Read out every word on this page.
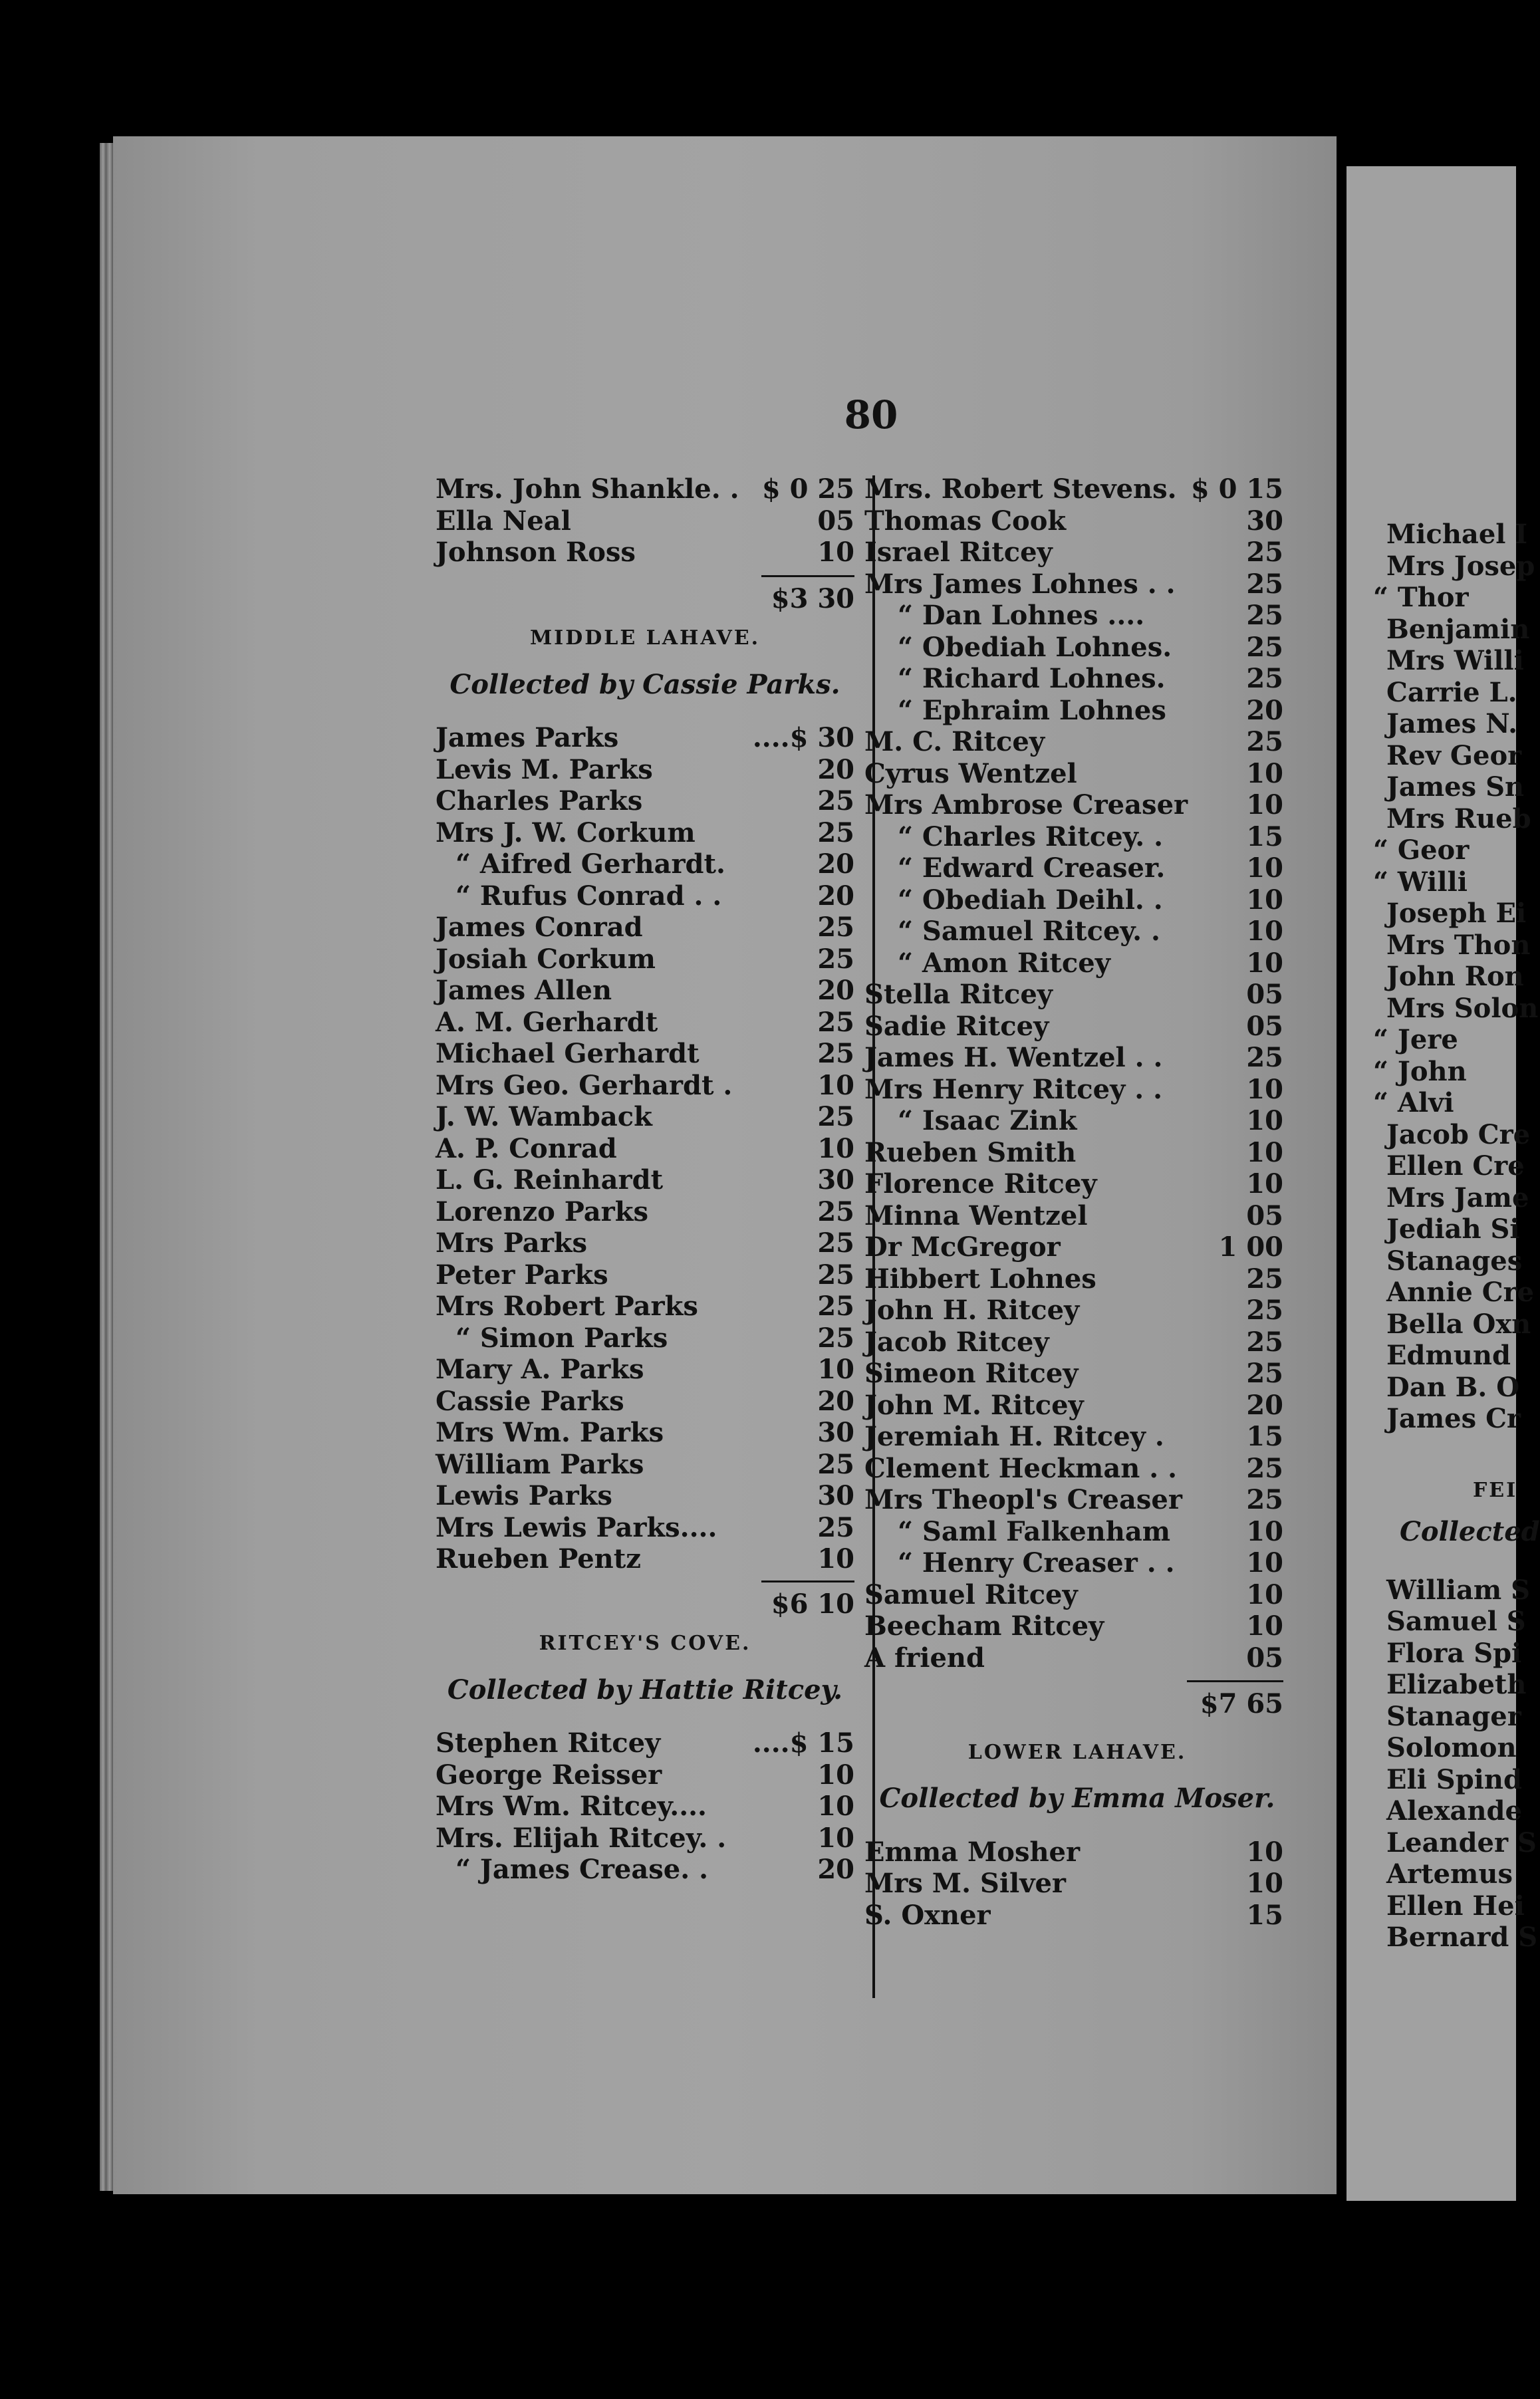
Michael I
Mrs Josep
“ Thor
Benjamin
Mrs Willi
Carrie L.
James N.
Rev Geor
James Sn
Mrs Rueb
“ Geor
“ Willi
Joseph Ei
Mrs Thon
John Ron
Mrs Solon
“ Jere
“ John
“ Alvi
Jacob Cre
Ellen Cre
Mrs Jame
Jediah Si
Stanages
Annie Cre
Bella Oxn
Edmund
Dan B. O
James Cr
FEI
Collected
William S
Samuel S
Flora Spi
Elizabeth
Stanager
Solomon
Eli Spind
Alexande
Leander S
Artemus
Ellen Hei
Bernard S
80
Mrs. John Shankle. . $ 0 25
Ella Neal	05
Johnson Ross	10
$3 30
MIDDLE LAHAVE.
Collected by Cassie Parks.
James Parks	....$ 30
Levis M. Parks	20
Charles Parks	25
Mrs J. W. Corkum	25
“ Aifred Gerhardt.	20
“ Rufus Conrad . .	20
James Conrad	25
Josiah Corkum	25
James Allen	20
A. M. Gerhardt	25
Michael Gerhardt	25
Mrs Geo. Gerhardt .	10
J. W. Wamback	25
A. P. Conrad	10
L. G. Reinhardt	30
Lorenzo Parks	25
Mrs Parks	25
Peter Parks	25
Mrs Robert Parks	25
“ Simon Parks	25
Mary A. Parks	10
Cassie Parks	20
Mrs Wm. Parks	30
William Parks	25
Lewis Parks	30
Mrs Lewis Parks....	25
Rueben Pentz	10
$6 10
RITCEY'S COVE.
Collected by Hattie Ritcey.
Stephen Ritcey	....$ 15
George Reisser	10
Mrs Wm. Ritcey....	10
Mrs. Elijah Ritcey. .	10
“ James Crease. .	20
Mrs. Robert Stevens. $ 0 15
Thomas Cook	30
Israel Ritcey	25
Mrs James Lohnes . .	25
“ Dan Lohnes ....	25
“ Obediah Lohnes.	25
“ Richard Lohnes.	25
“ Ephraim Lohnes	20
M. C. Ritcey	25
Cyrus Wentzel	10
Mrs Ambrose Creaser 10
“ Charles Ritcey. .	15
“ Edward Creaser.	10
“ Obediah Deihl. .	10
“ Samuel Ritcey. .	10
“ Amon Ritcey	10
Stella Ritcey	05
Sadie Ritcey	05
James H. Wentzel . .	25
Mrs Henry Ritcey . .	10
“ Isaac Zink	10
Rueben Smith	10
Florence Ritcey	10
Minna Wentzel	05
Dr McGregor	1 00
Hibbert Lohnes	25
John H. Ritcey	25
Jacob Ritcey	25
Simeon Ritcey	25
John M. Ritcey	20
Jeremiah H. Ritcey .	15
Clement Heckman . .	25
Mrs Theopl's Creaser 25
“ Saml Falkenham	10
“ Henry Creaser . .	10
Samuel Ritcey	10
Beecham Ritcey	10
A friend	05
$7 65
LOWER LAHAVE.
Collected by Emma Moser.
Emma Mosher	10
Mrs M. Silver	10
S. Oxner	15
